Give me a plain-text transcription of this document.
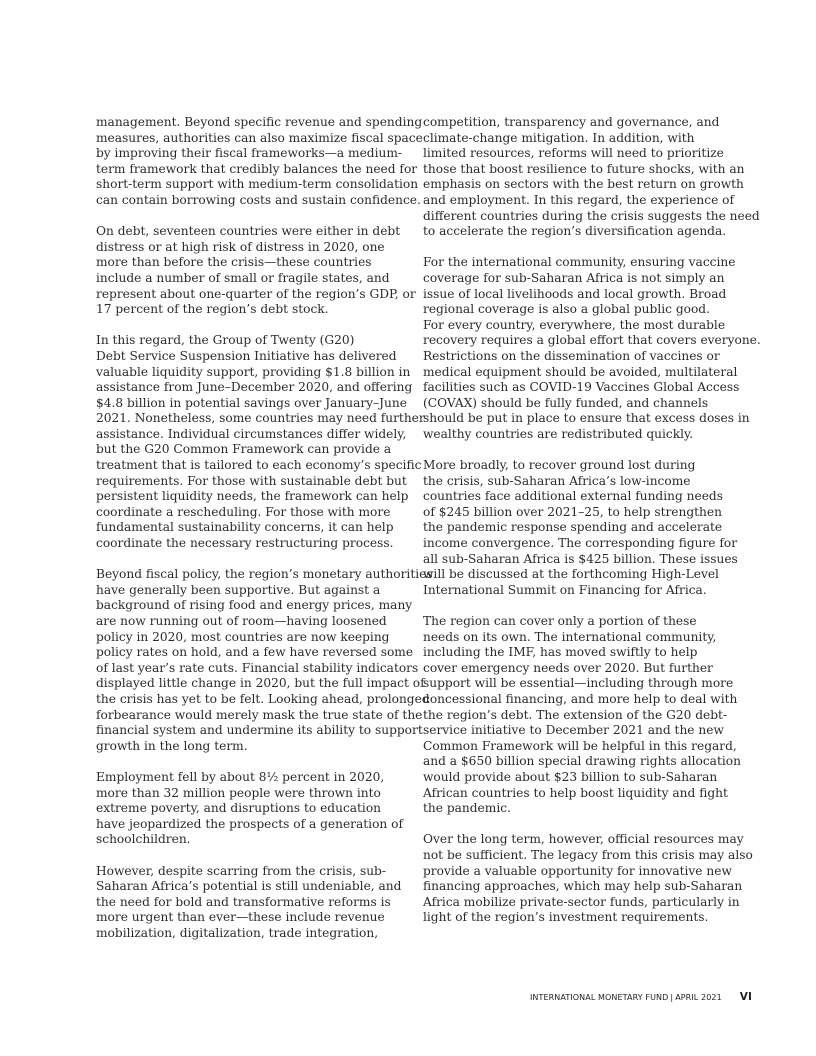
management. Beyond specific revenue and spending
measures, authorities can also maximize fiscal space
by improving their fiscal frameworks—a medium-
term framework that credibly balances the need for
short-term support with medium-term consolidation
can contain borrowing costs and sustain confidence.

On debt, seventeen countries were either in debt
distress or at high risk of distress in 2020, one
more than before the crisis—these countries
include a number of small or fragile states, and
represent about one-quarter of the region’s GDP, or
17 percent of the region’s debt stock.

In this regard, the Group of Twenty (G20)
Debt Service Suspension Initiative has delivered
valuable liquidity support, providing $1.8 billion in
assistance from June–December 2020, and offering
$4.8 billion in potential savings over January–June
2021. Nonetheless, some countries may need further
assistance. Individual circumstances differ widely,
but the G20 Common Framework can provide a
treatment that is tailored to each economy’s specific
requirements. For those with sustainable debt but
persistent liquidity needs, the framework can help
coordinate a rescheduling. For those with more
fundamental sustainability concerns, it can help
coordinate the necessary restructuring process.

Beyond fiscal policy, the region’s monetary authorities
have generally been supportive. But against a
background of rising food and energy prices, many
are now running out of room—having loosened
policy in 2020, most countries are now keeping
policy rates on hold, and a few have reversed some
of last year’s rate cuts. Financial stability indicators
displayed little change in 2020, but the full impact of
the crisis has yet to be felt. Looking ahead, prolonged
forbearance would merely mask the true state of the
financial system and undermine its ability to support
growth in the long term.

Employment fell by about 8½ percent in 2020,
more than 32 million people were thrown into
extreme poverty, and disruptions to education
have jeopardized the prospects of a generation of
schoolchildren.

However, despite scarring from the crisis, sub-
Saharan Africa’s potential is still undeniable, and
the need for bold and transformative reforms is
more urgent than ever—these include revenue
mobilization, digitalization, trade integration,

competition, transparency and governance, and
climate-change mitigation. In addition, with
limited resources, reforms will need to prioritize
those that boost resilience to future shocks, with an
emphasis on sectors with the best return on growth
and employment. In this regard, the experience of
different countries during the crisis suggests the need
to accelerate the region’s diversification agenda.

For the international community, ensuring vaccine
coverage for sub-Saharan Africa is not simply an
issue of local livelihoods and local growth. Broad
regional coverage is also a global public good.
For every country, everywhere, the most durable
recovery requires a global effort that covers everyone.
Restrictions on the dissemination of vaccines or
medical equipment should be avoided, multilateral
facilities such as COVID-19 Vaccines Global Access
(COVAX) should be fully funded, and channels
should be put in place to ensure that excess doses in
wealthy countries are redistributed quickly.

More broadly, to recover ground lost during
the crisis, sub-Saharan Africa’s low-income
countries face additional external funding needs
of $245 billion over 2021–25, to help strengthen
the pandemic response spending and accelerate
income convergence. The corresponding figure for
all sub-Saharan Africa is $425 billion. These issues
will be discussed at the forthcoming High-Level
International Summit on Financing for Africa.

The region can cover only a portion of these
needs on its own. The international community,
including the IMF, has moved swiftly to help
cover emergency needs over 2020. But further
support will be essential—including through more
concessional financing, and more help to deal with
the region’s debt. The extension of the G20 debt-
service initiative to December 2021 and the new
Common Framework will be helpful in this regard,
and a $650 billion special drawing rights allocation
would provide about $23 billion to sub-Saharan
African countries to help boost liquidity and fight
the pandemic.

Over the long term, however, official resources may
not be sufficient. The legacy from this crisis may also
provide a valuable opportunity for innovative new
financing approaches, which may help sub-Saharan
Africa mobilize private-sector funds, particularly in
light of the region’s investment requirements.

INTERNATIONAL MONETARY FUND | APRIL 2021 VI
